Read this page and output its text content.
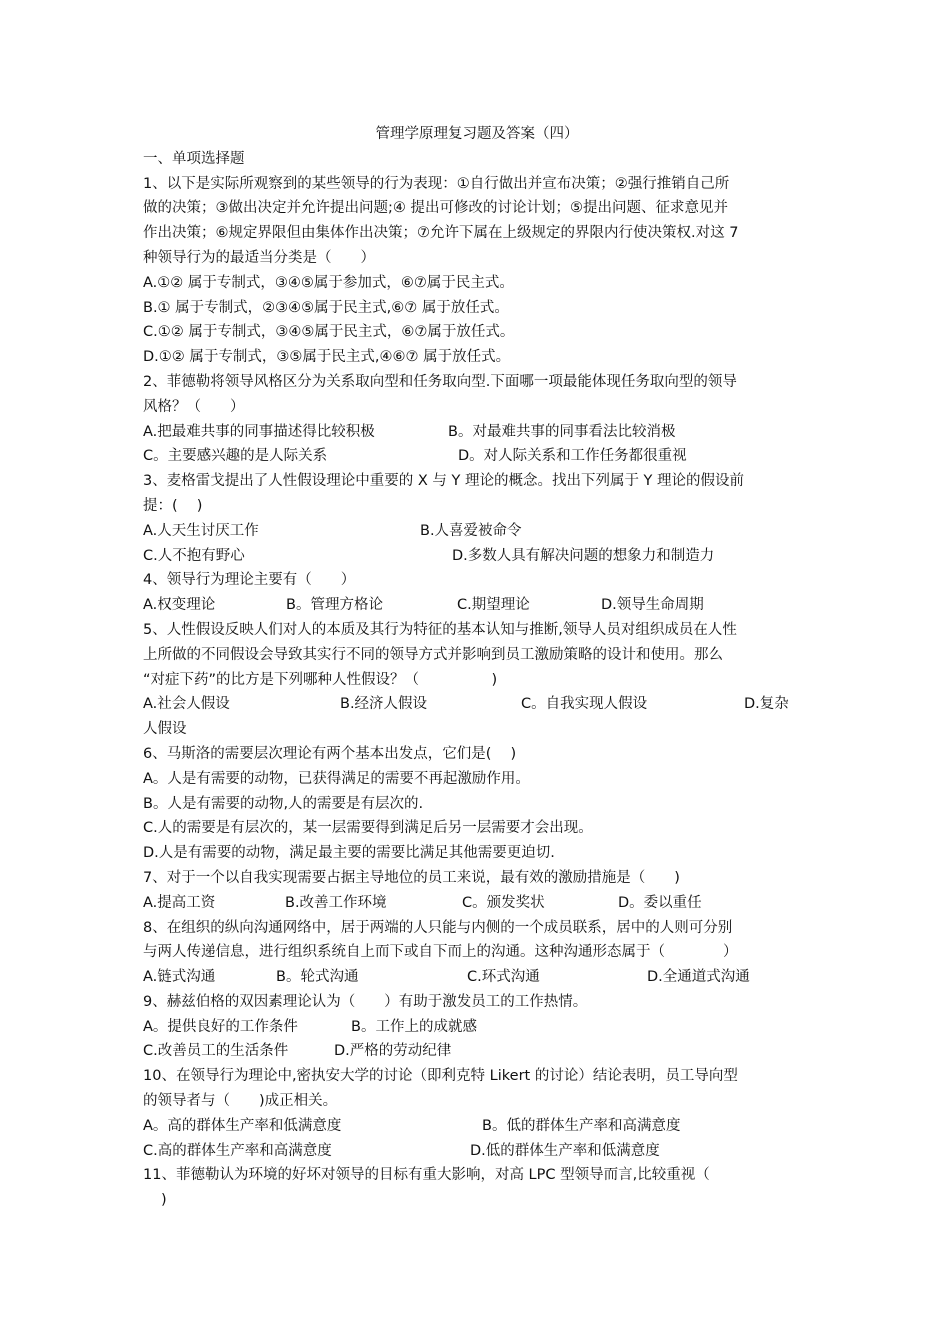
管理学原理复习题及答案（四）

一、单项选择题

1、以下是实际所观察到的某些领导的行为表现：①自行做出并宣布决策；②强行推销自己所

做的决策；③做出决定并允许提出问题;④ 提出可修改的讨论计划；⑤提出问题、征求意见并

作出决策；⑥规定界限但由集体作出决策；⑦允许下属在上级规定的界限内行使决策权.对这 7

种领导行为的最适当分类是（　　）

A.①② 属于专制式，③④⑤属于参加式，⑥⑦属于民主式。

B.① 属于专制式，②③④⑤属于民主式,⑥⑦ 属于放任式。

C.①② 属于专制式，③④⑤属于民主式，⑥⑦属于放任式。

D.①② 属于专制式，③⑤属于民主式,④⑥⑦ 属于放任式。

2、菲德勒将领导风格区分为关系取向型和任务取向型.下面哪一项最能体现任务取向型的领导

风格？（　　）

A.把最难共事的同事描述得比较积极	B。对最难共事的同事看法比较消极
C。主要感兴趣的是人际关系	D。对人际关系和工作任务都很重视

3、麦格雷戈提出了人性假设理论中重要的 X 与 Y 理论的概念。找出下列属于 Y 理论的假设前

提：(　 )

A.人天生讨厌工作	B.人喜爱被命令
C.人不抱有野心	D.多数人具有解决问题的想象力和制造力

4、领导行为理论主要有（　　）

A.权变理论	B。管理方格论	C.期望理论	D.领导生命周期

5、人性假设反映人们对人的本质及其行为特征的基本认知与推断,领导人员对组织成员在人性

上所做的不同假设会导致其实行不同的领导方式并影响到员工激励策略的设计和使用。那么

“对症下药”的比方是下列哪种人性假设？（　　　　　)

A.社会人假设	B.经济人假设	C。自我实现人假设	D.复杂

人假设

6、马斯洛的需要层次理论有两个基本出发点，它们是(　 )

A。人是有需要的动物，已获得满足的需要不再起激励作用。

B。人是有需要的动物,人的需要是有层次的.

C.人的需要是有层次的，某一层需要得到满足后另一层需要才会出现。

D.人是有需要的动物，满足最主要的需要比满足其他需要更迫切.

7、对于一个以自我实现需要占据主导地位的员工来说，最有效的激励措施是（　　)

A.提高工资	B.改善工作环境	C。颁发奖状	D。委以重任

8、在组织的纵向沟通网络中，居于两端的人只能与内侧的一个成员联系，居中的人则可分别

与两人传递信息，进行组织系统自上而下或自下而上的沟通。这种沟通形态属于（　　　　）

A.链式沟通	B。轮式沟通	C.环式沟通	D.全通道式沟通

9、赫兹伯格的双因素理论认为（　　）有助于激发员工的工作热情。

A。提供良好的工作条件	B。工作上的成就感
C.改善员工的生活条件	D.严格的劳动纪律

10、在领导行为理论中,密执安大学的讨论（即利克特 Likert 的讨论）结论表明，员工导向型

的领导者与（　　)成正相关。

A。高的群体生产率和低满意度	B。低的群体生产率和高满意度
C.高的群体生产率和高满意度	D.低的群体生产率和低满意度

11、菲德勒认为环境的好坏对领导的目标有重大影响，对高 LPC 型领导而言,比较重视（

)
